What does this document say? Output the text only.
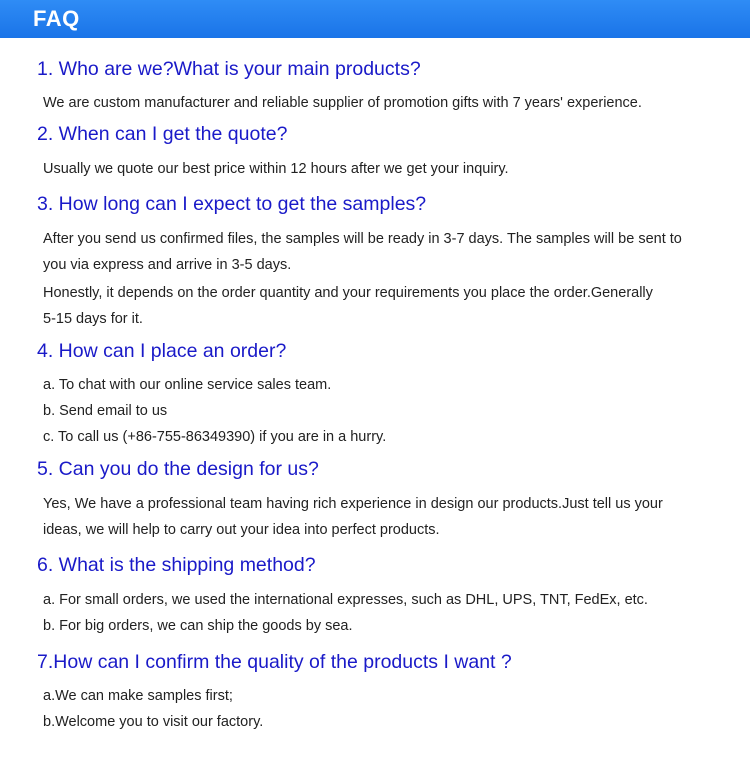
FAQ
1. Who are we?What is your main products?
We are custom manufacturer and reliable supplier of promotion gifts with 7 years' experience.
2. When can I get the quote?
Usually we quote our best price within 12 hours after we get your inquiry.
3. How long can I expect to get the samples?
After you send us confirmed files, the samples will be ready in 3-7 days. The samples will be sent to
you via express and arrive in 3-5 days.
Honestly, it depends on the order quantity and your requirements you place the order.Generally
5-15 days for it.
4. How can I place an order?
a. To chat with our online service sales team.
b. Send email to us
c. To call us (+86-755-86349390) if you are in a hurry.
5. Can you do the design for us?
Yes, We have a professional team having rich experience in design our products.Just tell us your
ideas, we will help to carry out your idea into perfect products.
6. What is the shipping method?
a. For small orders, we used the international expresses, such as DHL, UPS, TNT, FedEx, etc.
b. For big orders, we can ship the goods by sea.
7.How can I confirm the quality of the products I want ?
a.We can make samples first;
b.Welcome you to visit our factory.
